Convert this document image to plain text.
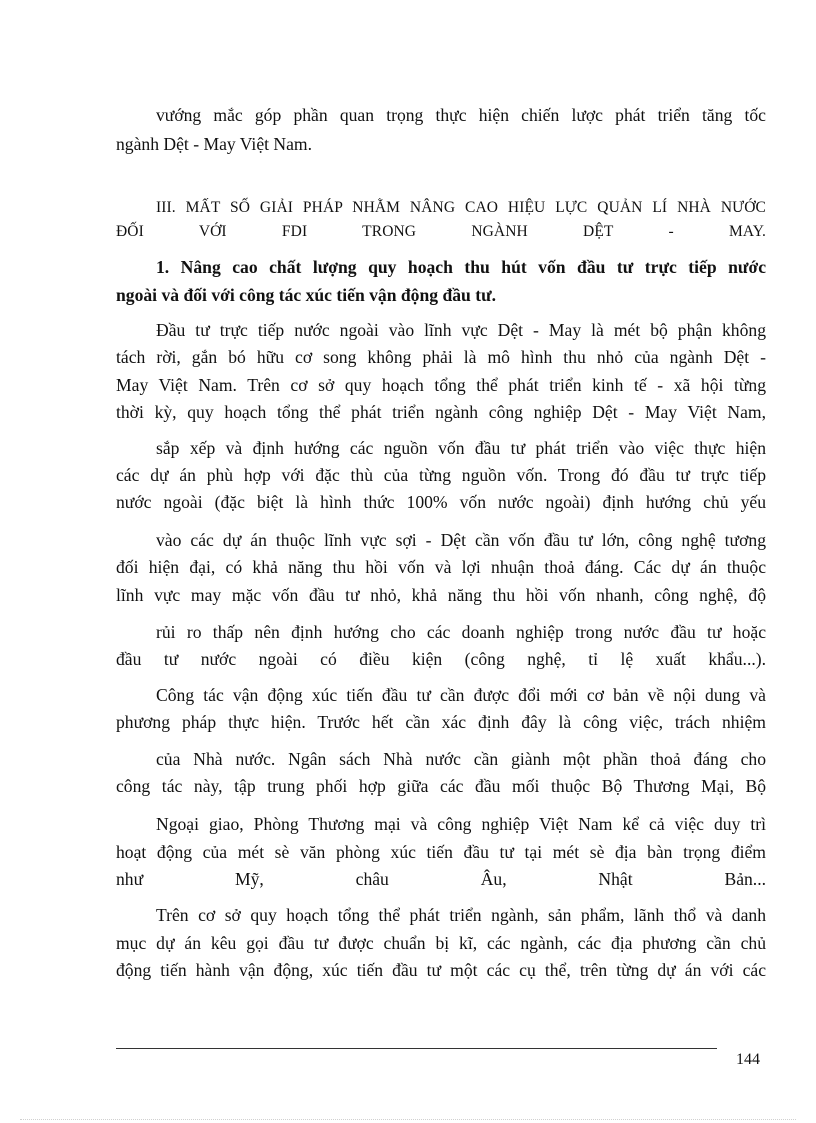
vướng mắc góp phần quan trọng thực hiện chiến lược phát triển tăng tốc
ngành Dệt - May Việt Nam.
III. MẤT SỐ GIẢI PHÁP NHẰM NÂNG CAO HIỆU LỰC QUẢN LÍ NHÀ NƯỚC
ĐỐI VỚI FDI TRONG NGÀNH DỆT - MAY.
1. Nâng cao chất lượng quy hoạch thu hút vốn đầu tư trực tiếp nước
ngoài và đối với công tác xúc tiến vận động đầu tư.
Đầu tư trực tiếp nước ngoài vào lĩnh vực Dệt - May là mét bộ phận không
tách rời, gắn bó hữu cơ song không phải là mô hình thu nhỏ của ngành Dệt -
May Việt Nam. Trên cơ sở quy hoạch tổng thể phát triển kinh tế - xã hội từng
thời kỳ, quy hoạch tổng thể phát triển ngành công nghiệp Dệt - May Việt Nam,
sắp xếp và định hướng các nguồn vốn đầu tư phát triển vào việc thực hiện
các dự án phù hợp với đặc thù của từng nguồn vốn. Trong đó đầu tư trực tiếp
nước ngoài (đặc biệt là hình thức 100% vốn nước ngoài) định hướng chủ yếu
vào các dự án thuộc lĩnh vực sợi - Dệt cần vốn đầu tư lớn, công nghệ tương
đối hiện đại, có khả năng thu hồi vốn và lợi nhuận thoả đáng. Các dự án thuộc
lĩnh vực may mặc vốn đầu tư nhỏ, khả năng thu hồi vốn nhanh, công nghệ, độ
rủi ro thấp nên định hướng cho các doanh nghiệp trong nước đầu tư hoặc
đầu tư nước ngoài có điều kiện (công nghệ, tỉ lệ xuất khẩu...).
Công tác vận động xúc tiến đầu tư cần được đổi mới cơ bản về nội dung và
phương pháp thực hiện. Trước hết cần xác định đây là công việc, trách nhiệm
của Nhà nước. Ngân sách Nhà nước cần giành một phần thoả đáng cho
công tác này, tập trung phối hợp giữa các đầu mối thuộc Bộ Thương Mại, Bộ
Ngoại giao, Phòng Thương mại và công nghiệp Việt Nam kể cả việc duy trì
hoạt động của mét sè văn phòng xúc tiến đầu tư tại mét sè địa bàn trọng điểm
như Mỹ, châu Âu, Nhật Bản...
Trên cơ sở quy hoạch tổng thể phát triển ngành, sản phẩm, lãnh thổ và danh
mục dự án kêu gọi đầu tư được chuẩn bị kĩ, các ngành, các địa phương cần chủ
động tiến hành vận động, xúc tiến đầu tư một các cụ thể, trên từng dự án với các
144
